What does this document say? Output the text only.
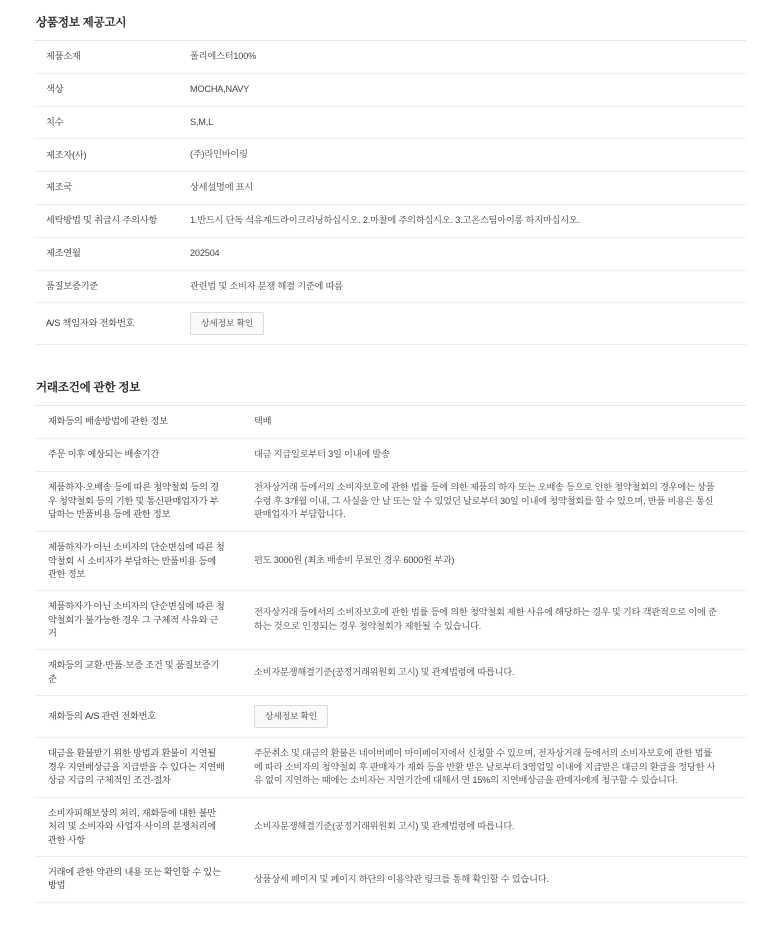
상품정보 제공고시
제품소재	폴리에스터100%
색상	MOCHA,NAVY
치수	S,M,L
제조자(사)	(주)라인바이링
제조국	상세설명에 표시
세탁방법 및 취급시 주의사항	1.반드시 단독 석유계드라이크리닝하십시오. 2.마찰에 주의하십시오. 3.고온스팀아이롱 하지마십시오.
제조연월	202504
품질보증기준	관련법 및 소비자 분쟁 해결 기준에 따름
A/S 책임자와 전화번호	상세정보 확인
거래조건에 관한 정보
재화등의 배송방법에 관한 정보	택배
주문 이후 예상되는 배송기간	대금 지급일로부터 3일 이내에 발송
제품하자·오배송 등에 따른 청약철회 등의 경우 청약철회 등의 기한 및 통신판매업자가 부담하는 반품비용 등에 관한 정보	전자상거래 등에서의 소비자보호에 관한 법률 등에 의한 제품의 하자 또는 오배송 등으로 인한 청약철회의 경우에는 상품 수령 후 3개월 이내, 그 사실을 안 날 또는 알 수 있었던 날로부터 30일 이내에 청약철회를 할 수 있으며, 반품 비용은 통신판매업자가 부담합니다.
제품하자가 아닌 소비자의 단순변심에 따른 청약철회 시 소비자가 부담하는 반품비용 등에 관한 정보	편도 3000원 (최초 배송비 무료인 경우 6000원 부과)
제품하자가 아닌 소비자의 단순변심에 따른 청약철회가 불가능한 경우 그 구체적 사유와 근거	전자상거래 등에서의 소비자보호에 관한 법률 등에 의한 청약철회 제한 사유에 해당하는 경우 및 기타 객관적으로 이에 준하는 것으로 인정되는 경우 청약철회가 제한될 수 있습니다.
재화등의 교환·반품·보증 조건 및 품질보증기준	소비자분쟁해결기준(공정거래위원회 고시) 및 관계법령에 따릅니다.
재화등의 A/S 관련 전화번호	상세정보 확인
대금을 환불받기 위한 방법과 환불이 지연될 경우 지연배상금을 지급받을 수 있다는 지연배상금 지급의 구체적인 조건·절차	주문취소 및 대금의 환불은 네이버페이 마이페이지에서 신청할 수 있으며, 전자상거래 등에서의 소비자보호에 관한 법률에 따라 소비자의 청약철회 후 판매자가 재화 등을 반환 받은 날로부터 3영업일 이내에 지급받은 대금의 환급을 정당한 사유 없이 지연하는 때에는 소비자는 지연기간에 대해서 연 15%의 지연배상금을 판매자에게 청구할 수 있습니다.
소비자피해보상의 처리, 재화등에 대한 불만 처리 및 소비자와 사업자 사이의 분쟁처리에 관한 사항	소비자분쟁해결기준(공정거래위원회 고시) 및 관계법령에 따릅니다.
거래에 관한 약관의 내용 또는 확인할 수 있는 방법	상품상세 페이지 및 페이지 하단의 이용약관 링크를 통해 확인할 수 있습니다.
